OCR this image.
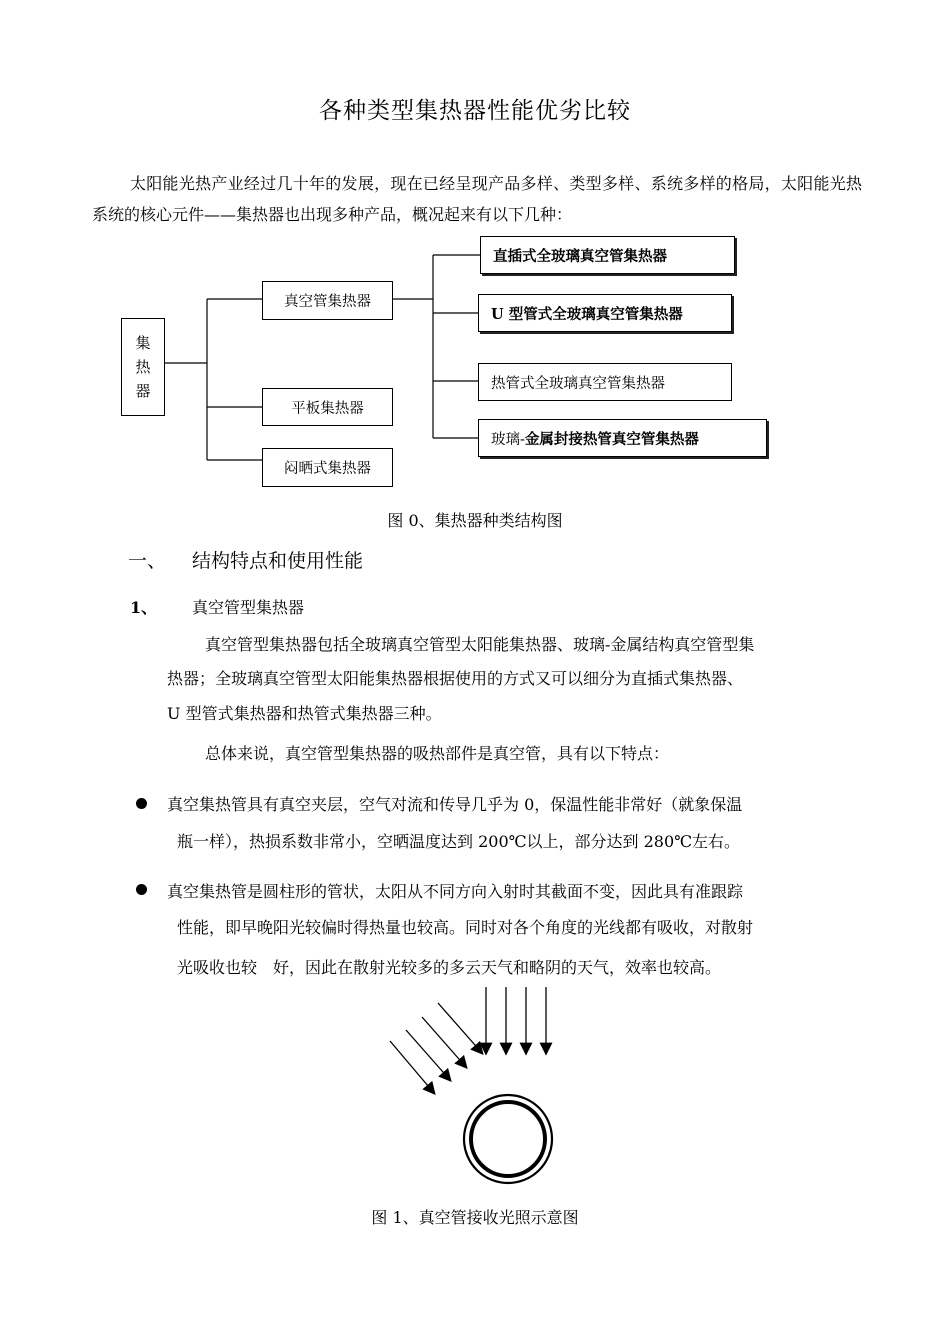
各种类型集热器性能优劣比较
太阳能光热产业经过几十年的发展，现在已经呈现产品多样、类型多样、系统多样的格局，太阳能光热系统的核心元件——集热器也出现多种产品，概况起来有以下几种：
集
热
器
真空管集热器
平板集热器
闷晒式集热器
直插式全玻璃真空管集热器
U 型管式全玻璃真空管集热器
热管式全玻璃真空管集热器
玻璃- 金属封接热管真空管集热器
图 0、集热器种类结构图
一、 结构特点和使用性能
1、 真空管型集热器
真空管型集热器包括全玻璃真空管型太阳能集热器、玻璃-金属结构真空管型集
热器；全玻璃真空管型太阳能集热器根据使用的方式又可以细分为直插式集热器、
U 型管式集热器和热管式集热器三种。
总体来说，真空管型集热器的吸热部件是真空管，具有以下特点：
真空集热管具有真空夹层，空气对流和传导几乎为 0，保温性能非常好（就象保温
瓶一样），热损系数非常小，空晒温度达到 200℃以上，部分达到 280℃左右。
真空集热管是圆柱形的管状，太阳从不同方向入射时其截面不变，因此具有准跟踪
性能，即早晚阳光较偏时得热量也较高。同时对各个角度的光线都有吸收，对散射
光吸收也较　好，因此在散射光较多的多云天气和略阴的天气，效率也较高。
图 1、真空管接收光照示意图
